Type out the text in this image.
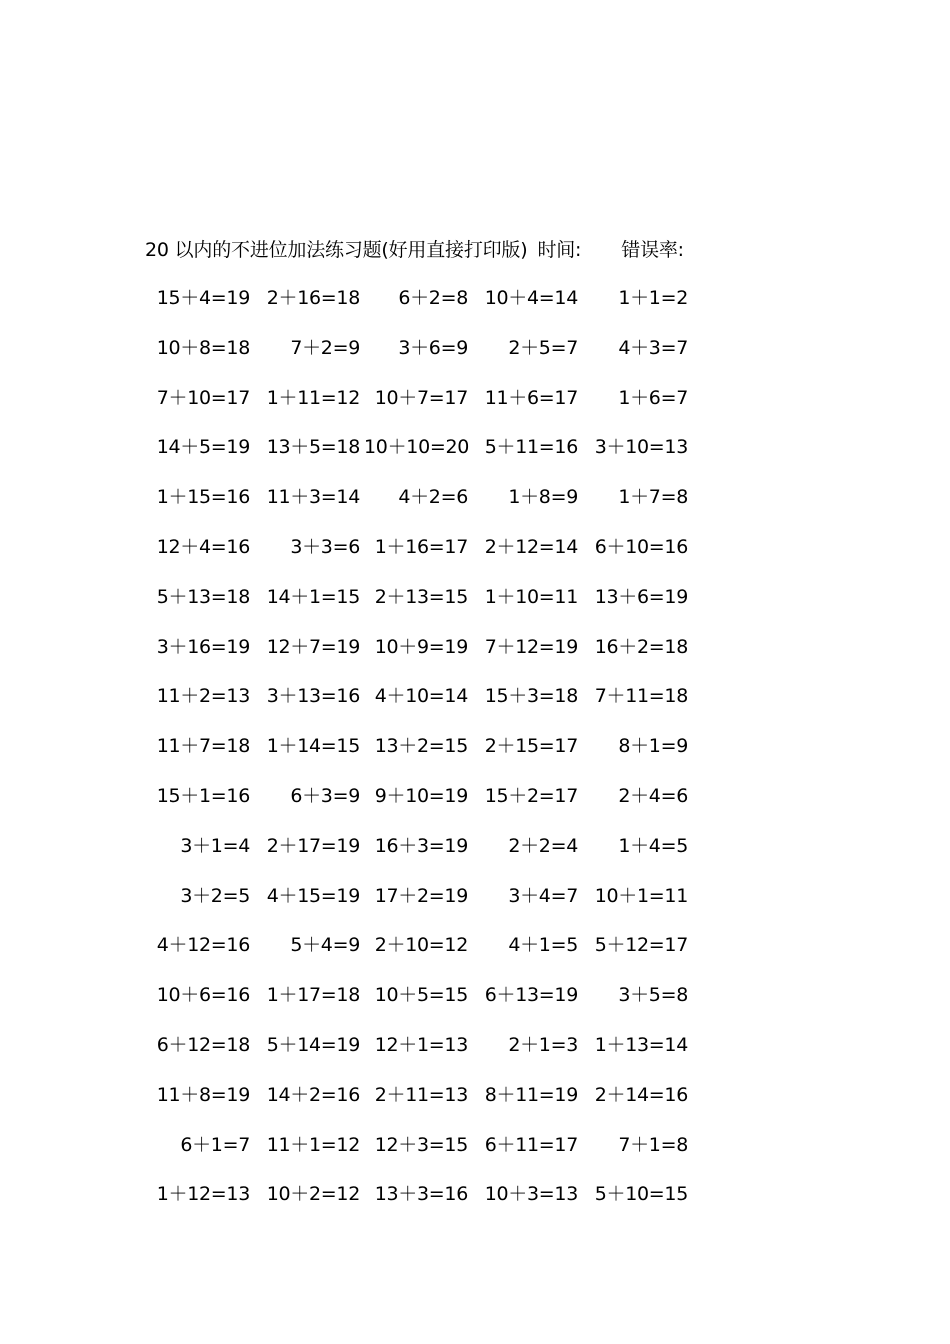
20 以内的不进位加法练习题(好用直接打印版) 时间: 错误率:
15＋4=19 2＋16=18	6＋2=8 10＋4=14	1＋1=2
10＋8=18	7＋2=9	3＋6=9	2＋5=7	4＋3=7
7＋10=17 1＋11=12 10＋7=17 11＋6=17	1＋6=7
14＋5=19 13＋5=18 10＋10=20 5＋11=16 3＋10=13
1＋15=16 11＋3=14	4＋2=6	1＋8=9	1＋7=8
12＋4=16	3＋3=6 1＋16=17 2＋12=14 6＋10=16
5＋13=18 14＋1=15 2＋13=15 1＋10=11 13＋6=19
3＋16=19 12＋7=19 10＋9=19 7＋12=19 16＋2=18
11＋2=13 3＋13=16 4＋10=14 15＋3=18 7＋11=18
11＋7=18 1＋14=15 13＋2=15 2＋15=17	8＋1=9
15＋1=16	6＋3=9 9＋10=19 15＋2=17	2＋4=6
3＋1=4 2＋17=19 16＋3=19	2＋2=4	1＋4=5
3＋2=5 4＋15=19 17＋2=19	3＋4=7 10＋1=11
4＋12=16	5＋4=9 2＋10=12	4＋1=5 5＋12=17
10＋6=16 1＋17=18 10＋5=15 6＋13=19	3＋5=8
6＋12=18 5＋14=19 12＋1=13	2＋1=3 1＋13=14
11＋8=19 14＋2=16 2＋11=13 8＋11=19 2＋14=16
6＋1=7 11＋1=12 12＋3=15 6＋11=17	7＋1=8
1＋12=13 10＋2=12 13＋3=16 10＋3=13 5＋10=15
